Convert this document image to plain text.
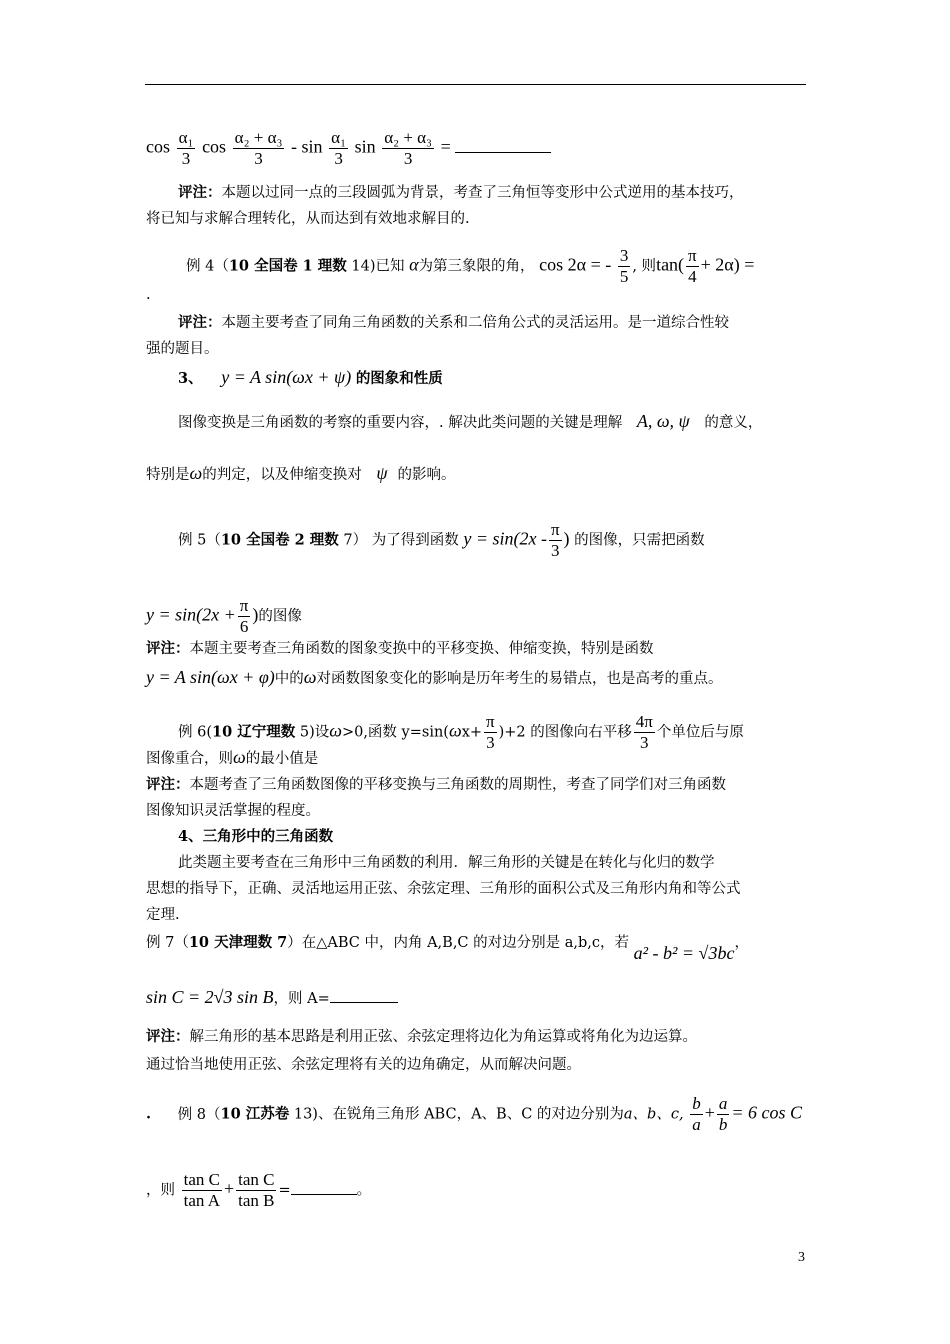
$\cos \frac{\text{α₁}}{3}$ $\cos \frac{\text{α₂ + α₃}}{3}$ - $\sin \frac{\text{α₁}}{3}$ $\sin \frac{\text{α₂ + α₃}}{3}$ =
评注：本题以过同一点的三段圆弧为背景，考查了三角恒等变形中公式逆用的基本技巧，
将已知与求解合理转化，从而达到有效地求解目的.
例 4（10 全国卷 1 理数 14)已知 α为第三象限的角， cos 2α = - $\frac{3}{5}$ , 则$\tan( \frac{\pi}{4} + 2\alpha)$ =
.
评注：本题主要考查了同角三角函数的关系和二倍角公式的灵活运用。是一道综合性较
强的题目。
3、 y = A sin(ωx + ψ) 的图象和性质
图像变换是三角函数的考察的重要内容，. 解决此类问题的关键是理解 A, ω, ψ 的意义，
特别是ω的判定，以及伸缩变换对 ψ 的影响。
例 5（10 全国卷 2 理数 7） 为了得到函数 $y = \sin(2x - \frac{\pi}{3}$ ) 的图像，只需把函数
$y = \sin(2x + \frac{\pi}{6}$ )的图像
评注：本题主要考查三角函数的图象变换中的平移变换、伸缩变换，特别是函数
y = A sin(ωx + φ)中的ω对函数图象变化的影响是历年考生的易错点，也是高考的重点。
例 6(10 辽宁理数 5)设ω>0,函数 $y=\sin(\omega x+ \frac{\pi}{3} )+2$ 的图像向右平移 $\frac{4\pi}{3}$ 个单位后与原
图像重合，则ω的最小值是
评注：本题考查了三角函数图像的平移变换与三角函数的周期性，考查了同学们对三角函数
图像知识灵活掌握的程度。
4、三角形中的三角函数
此类题主要考查在三角形中三角函数的利用．解三角形的关键是在转化与化归的数学
思想的指导下，正确、灵活地运用正弦、余弦定理、三角形的面积公式及三角形内角和等公式
定理.
例 7（10 天津理数 7）在△ABC 中，内角 A,B,C 的对边分别是 a,b,c，若 a² - b² = √3bc，
sin C = 2√3 sin B，则 A=
评注：解三角形的基本思路是利用正弦、余弦定理将边化为角运算或将角化为边运算。
通过恰当地使用正弦、余弦定理将有关的边角确定，从而解决问题。
. 例 8（10 江苏卷 13)、在锐角三角形 ABC，A、B、C 的对边分别为a、b、c, $\frac{b}{a} + \frac{a}{b} = 6$ cos C
，则 $\frac{\text{tan C}}{\text{tan A}} + \frac{\text{tan C}}{\text{tan B}}$ =	。
3
